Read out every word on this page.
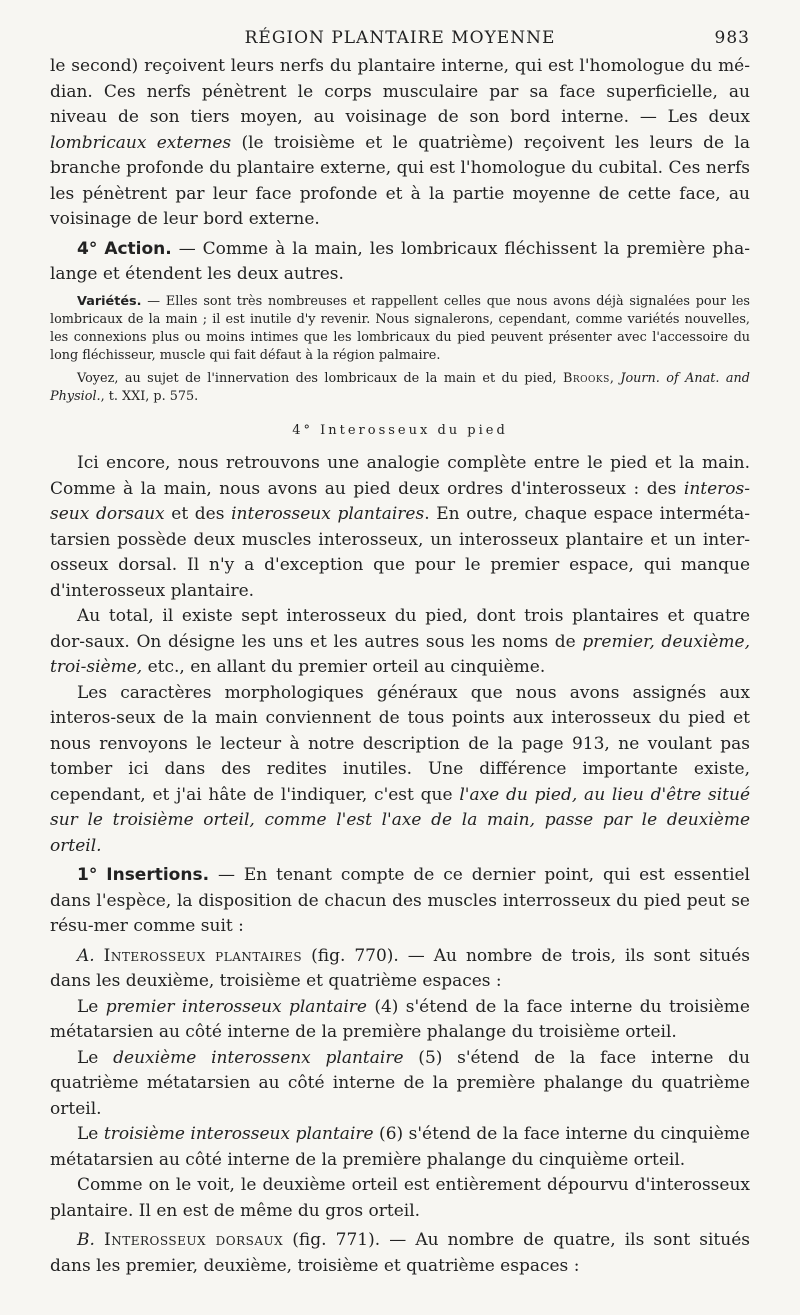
RÉGION PLANTAIRE MOYENNE	983

le second) reçoivent leurs nerfs du plantaire interne, qui est l'homologue du mé-dian. Ces nerfs pénètrent le corps musculaire par sa face superficielle, au niveau de son tiers moyen, au voisinage de son bord interne. — Les deux lombricaux externes (le troisième et le quatrième) reçoivent les leurs de la branche profonde du plantaire externe, qui est l'homologue du cubital. Ces nerfs les pénètrent par leur face profonde et à la partie moyenne de cette face, au voisinage de leur bord externe.

4° Action. — Comme à la main, les lombricaux fléchissent la première pha-lange et étendent les deux autres.

Variétés. — Elles sont très nombreuses et rappellent celles que nous avons déjà signalées pour les lombricaux de la main ; il est inutile d'y revenir. Nous signalerons, cependant, comme variétés nouvelles, les connexions plus ou moins intimes que les lombricaux du pied peuvent présenter avec l'accessoire du long fléchisseur, muscle qui fait défaut à la région palmaire.

Voyez, au sujet de l'innervation des lombricaux de la main et du pied, Brooks, Journ. of Anat. and Physiol., t. XXI, p. 575.

4° Interosseux du pied

Ici encore, nous retrouvons une analogie complète entre le pied et la main. Comme à la main, nous avons au pied deux ordres d'interosseux : des interos-seux dorsaux et des interosseux plantaires. En outre, chaque espace interméta-tarsien possède deux muscles interosseux, un interosseux plantaire et un inter-osseux dorsal. Il n'y a d'exception que pour le premier espace, qui manque d'interosseux plantaire.

Au total, il existe sept interosseux du pied, dont trois plantaires et quatre dor-saux. On désigne les uns et les autres sous les noms de premier, deuxième, troi-sième, etc., en allant du premier orteil au cinquième.

Les caractères morphologiques généraux que nous avons assignés aux interos-seux de la main conviennent de tous points aux interosseux du pied et nous renvoyons le lecteur à notre description de la page 913, ne voulant pas tomber ici dans des redites inutiles. Une différence importante existe, cependant, et j'ai hâte de l'indiquer, c'est que l'axe du pied, au lieu d'être situé sur le troisième orteil, comme l'est l'axe de la main, passe par le deuxième orteil.

1° Insertions. — En tenant compte de ce dernier point, qui est essentiel dans l'espèce, la disposition de chacun des muscles interrosseux du pied peut se résu-mer comme suit :

A. Interosseux plantaires (fig. 770). — Au nombre de trois, ils sont situés dans les deuxième, troisième et quatrième espaces :

Le premier interosseux plantaire (4) s'étend de la face interne du troisième métatarsien au côté interne de la première phalange du troisième orteil.

Le deuxième interossenx plantaire (5) s'étend de la face interne du quatrième métatarsien au côté interne de la première phalange du quatrième orteil.

Le troisième interosseux plantaire (6) s'étend de la face interne du cinquième métatarsien au côté interne de la première phalange du cinquième orteil.

Comme on le voit, le deuxième orteil est entièrement dépourvu d'interosseux plantaire. Il en est de même du gros orteil.

B. Interosseux dorsaux (fig. 771). — Au nombre de quatre, ils sont situés dans les premier, deuxième, troisième et quatrième espaces :
